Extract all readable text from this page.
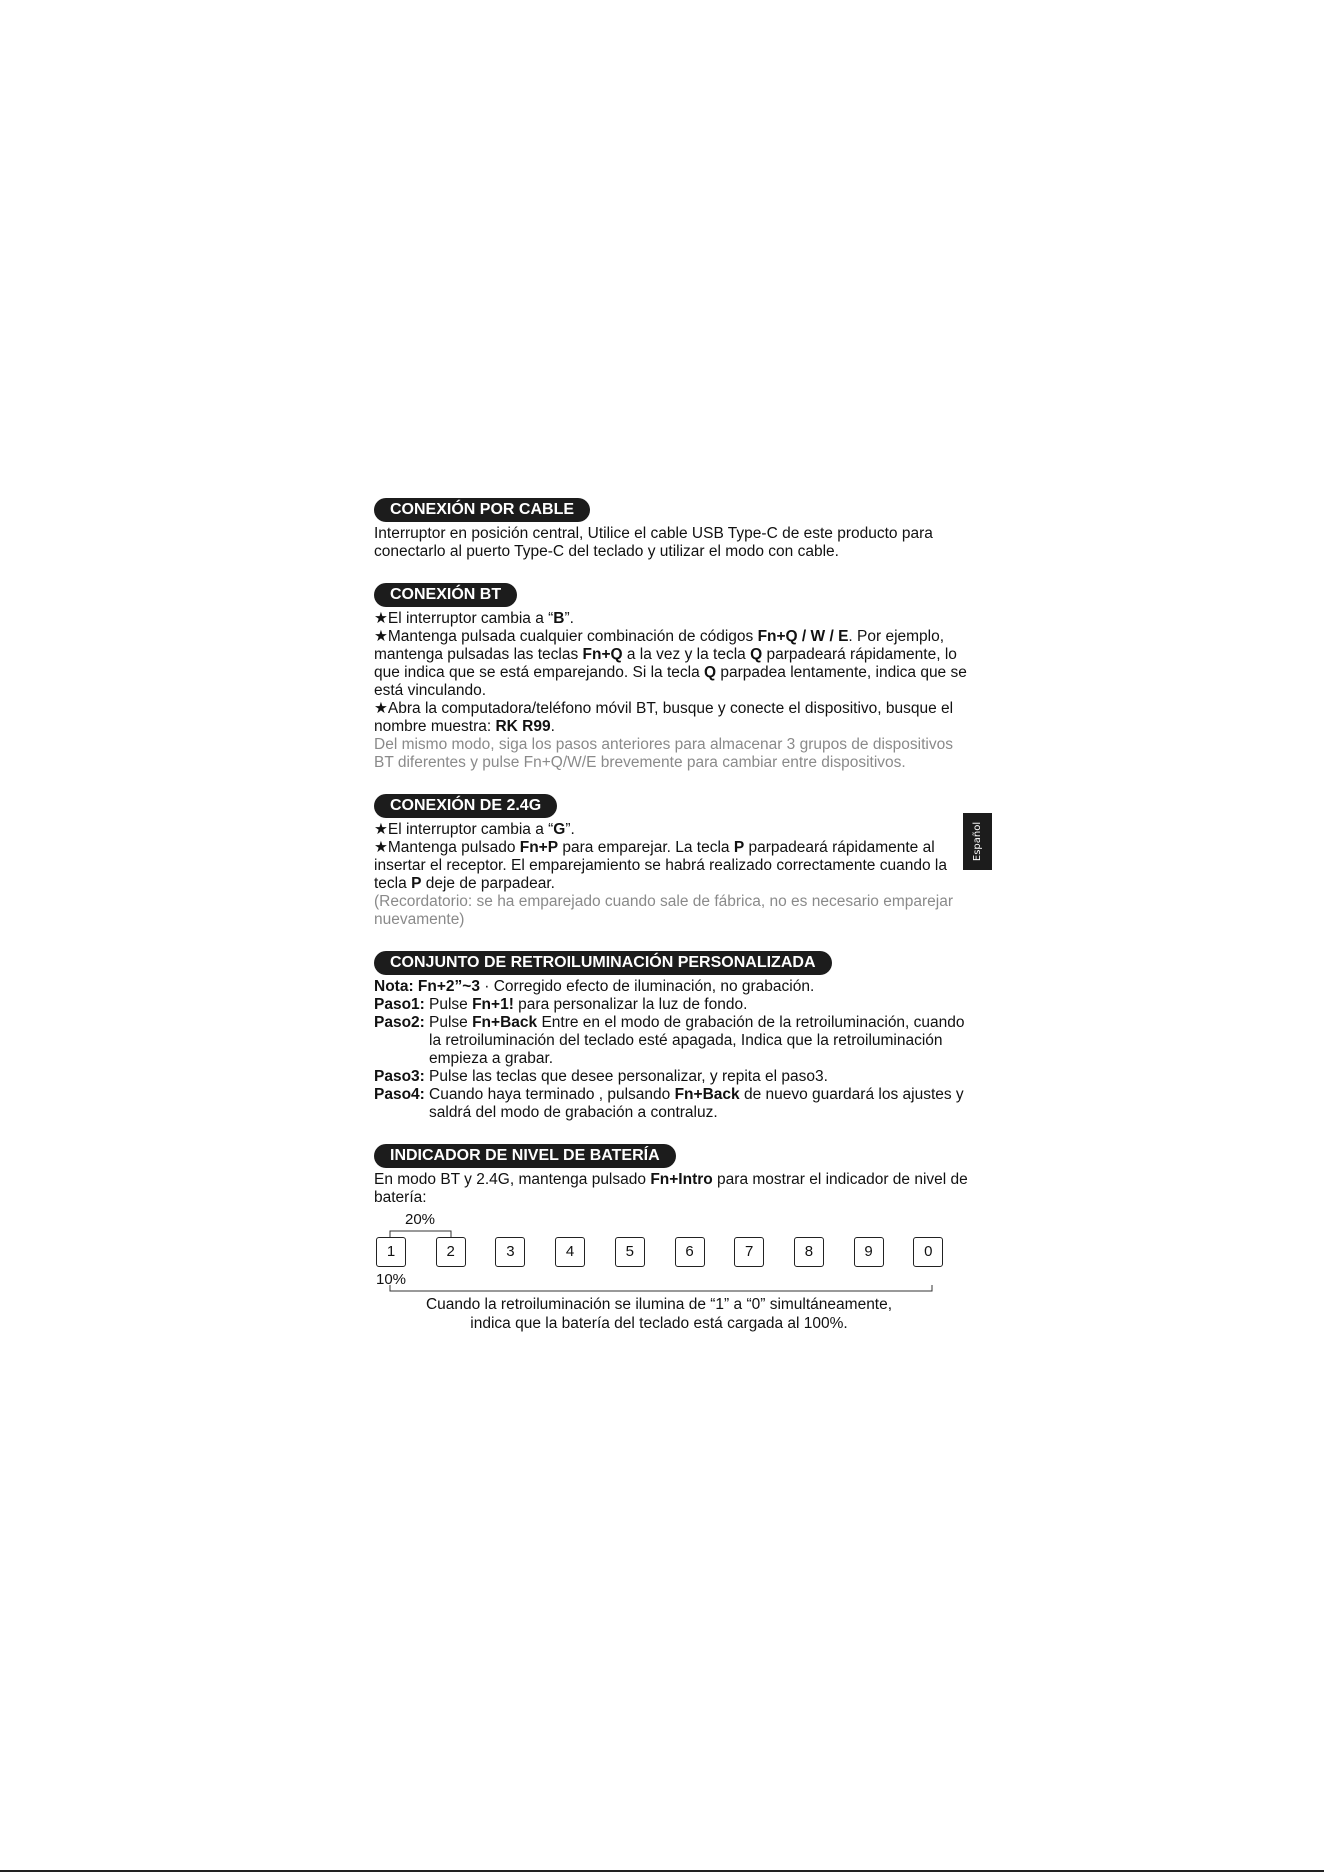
CONEXIÓN POR CABLE

Interruptor en posición central, Utilice el cable USB Type-C de este producto para conectarlo al puerto Type-C del teclado y utilizar el modo con cable.

CONEXIÓN BT

★El interruptor cambia a “B”.

★Mantenga pulsada cualquier combinación de códigos Fn+Q / W / E. Por ejemplo, mantenga pulsadas las teclas Fn+Q a la vez y la tecla Q parpadeará rápidamente, lo que indica que se está emparejando. Si la tecla Q parpadea lentamente, indica que se está vinculando.

★Abra la computadora/teléfono móvil BT, busque y conecte el dispositivo, busque el nombre muestra: RK R99.

Del mismo modo, siga los pasos anteriores para almacenar 3 grupos de dispositivos BT diferentes y pulse Fn+Q/W/E brevemente para cambiar entre dispositivos.

CONEXIÓN DE 2.4G

★El interruptor cambia a “G”.

★Mantenga pulsado Fn+P para emparejar. La tecla P parpadeará rápidamente al insertar el receptor. El emparejamiento se habrá realizado correctamente cuando la tecla P deje de parpadear.

(Recordatorio: se ha emparejado cuando sale de fábrica, no es necesario emparejar nuevamente)

CONJUNTO DE RETROILUMINACIÓN PERSONALIZADA

Nota: Fn+2”~3 · Corregido efecto de iluminación, no grabación.

Paso1: Pulse Fn+1! para personalizar la luz de fondo.
Paso2: Pulse Fn+Back Entre en el modo de grabación de la retroiluminación, cuando la retroiluminación del teclado esté apagada, Indica que la retroiluminación empieza a grabar.
Paso3: Pulse las teclas que desee personalizar, y repita el paso3.
Paso4: Cuando haya terminado , pulsando Fn+Back de nuevo guardará los ajustes y saldrá del modo de grabación a contraluz.
INDICADOR DE NIVEL DE BATERÍA

En modo BT y 2.4G, mantenga pulsado Fn+Intro para mostrar el indicador de nivel de batería:

20%
10%
1	2	3	4	5	6	7	8	9	0
Cuando la retroiluminación se ilumina de “1” a “0” simultáneamente,
indica que la batería del teclado está cargada al 100%.
Español
